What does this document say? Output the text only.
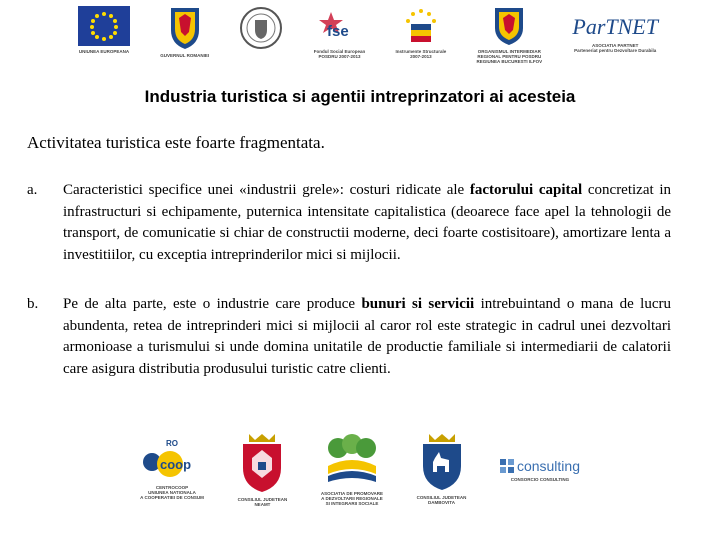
UNIUNEA EUROPEANA
GUVERNUL ROMANIEI
fse
Fondul Social European
POSDRU 2007-2013
Instrumente Structurale
2007-2013
ORGANISMUL INTERMEDIAR
REGIONAL PENTRU POSDRU
REGIUNEA BUCURESTI ILFOV
ParTNET
ASOCIATIA PARTNET
Parteneriat pentru Dezvoltare Durabila
Industria turistica si agentii intreprinzatori ai acesteia

Activitatea turistica este foarte fragmentata.

a. Caracteristici specifice unei «industrii grele»: costuri ridicate ale factorului capital concretizat in infrastructuri si echipamente, puternica intensitate capitalistica (deoarece face apel la tehnologii de transport, de comunicatie si chiar de constructii moderne, deci foarte costisitoare), amortizare lenta a investitiilor, cu exceptia intreprinderilor mici si mijlocii.
b. Pe de alta parte, este o industrie care produce bunuri si servicii intrebuintand o mana de lucru abundenta, retea de intreprinderi mici si mijlocii al caror rol este strategic in cadrul unei dezvoltari armonioase a turismului si unde domina unitatile de productie familiale si intermediarii de calatorii care asigura distributia produsului turistic catre clienti.
coop
RO
CENTROCOOP
UNIUNEA NATIONALA
A COOPERATIEI DE CONSUM	CONSILIUL JUDETEAN
NEAMT
ASOCIATIA DE PROMOVARE
A DEZVOLTARII REGIONALE
SI INTEGRARII SOCIALE
CONSILIUL JUDETEAN
DAMBOVITA
consulting
CONSORCIO CONSULTING
